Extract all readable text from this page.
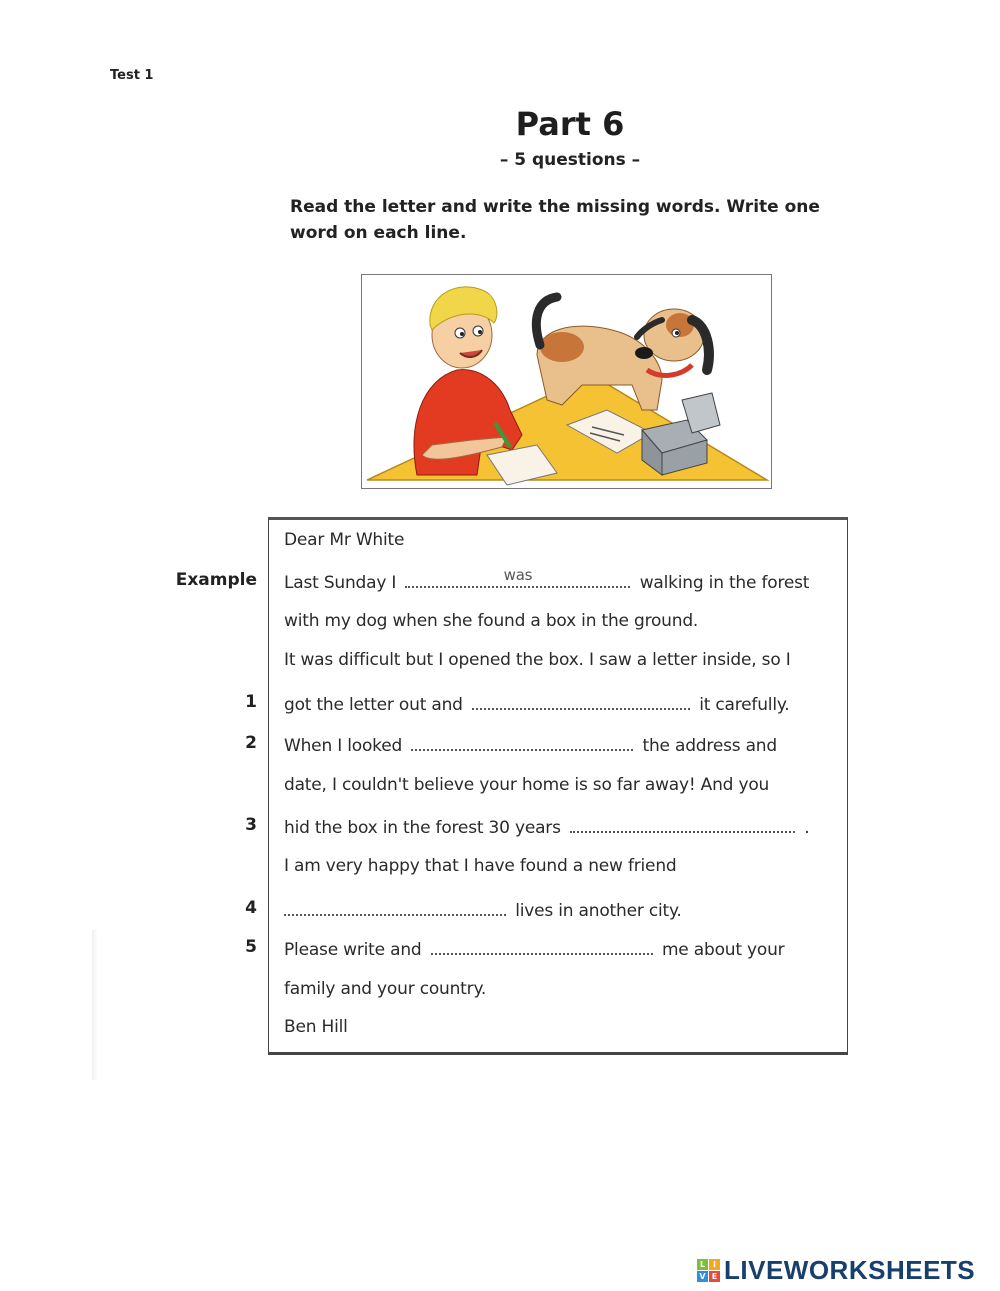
Test 1
Part 6
– 5 questions –
Read the letter and write the missing words. Write one word on each line.
Dear Mr White
Example Last Sunday I	was	walking in the forest
with my dog when she found a box in the ground.
It was difficult but I opened the box. I saw a letter inside, so I
1 got the letter out and	it carefully.
2 When I looked	the address and
date, I couldn't believe your home is so far away! And you
3 hid the box in the forest 30 years	.
I am very happy that I have found a new friend
4	lives in another city.
5 Please write and	me about your
family and your country.
Ben Hill
L I
V E LIVEWORKSHEETS
